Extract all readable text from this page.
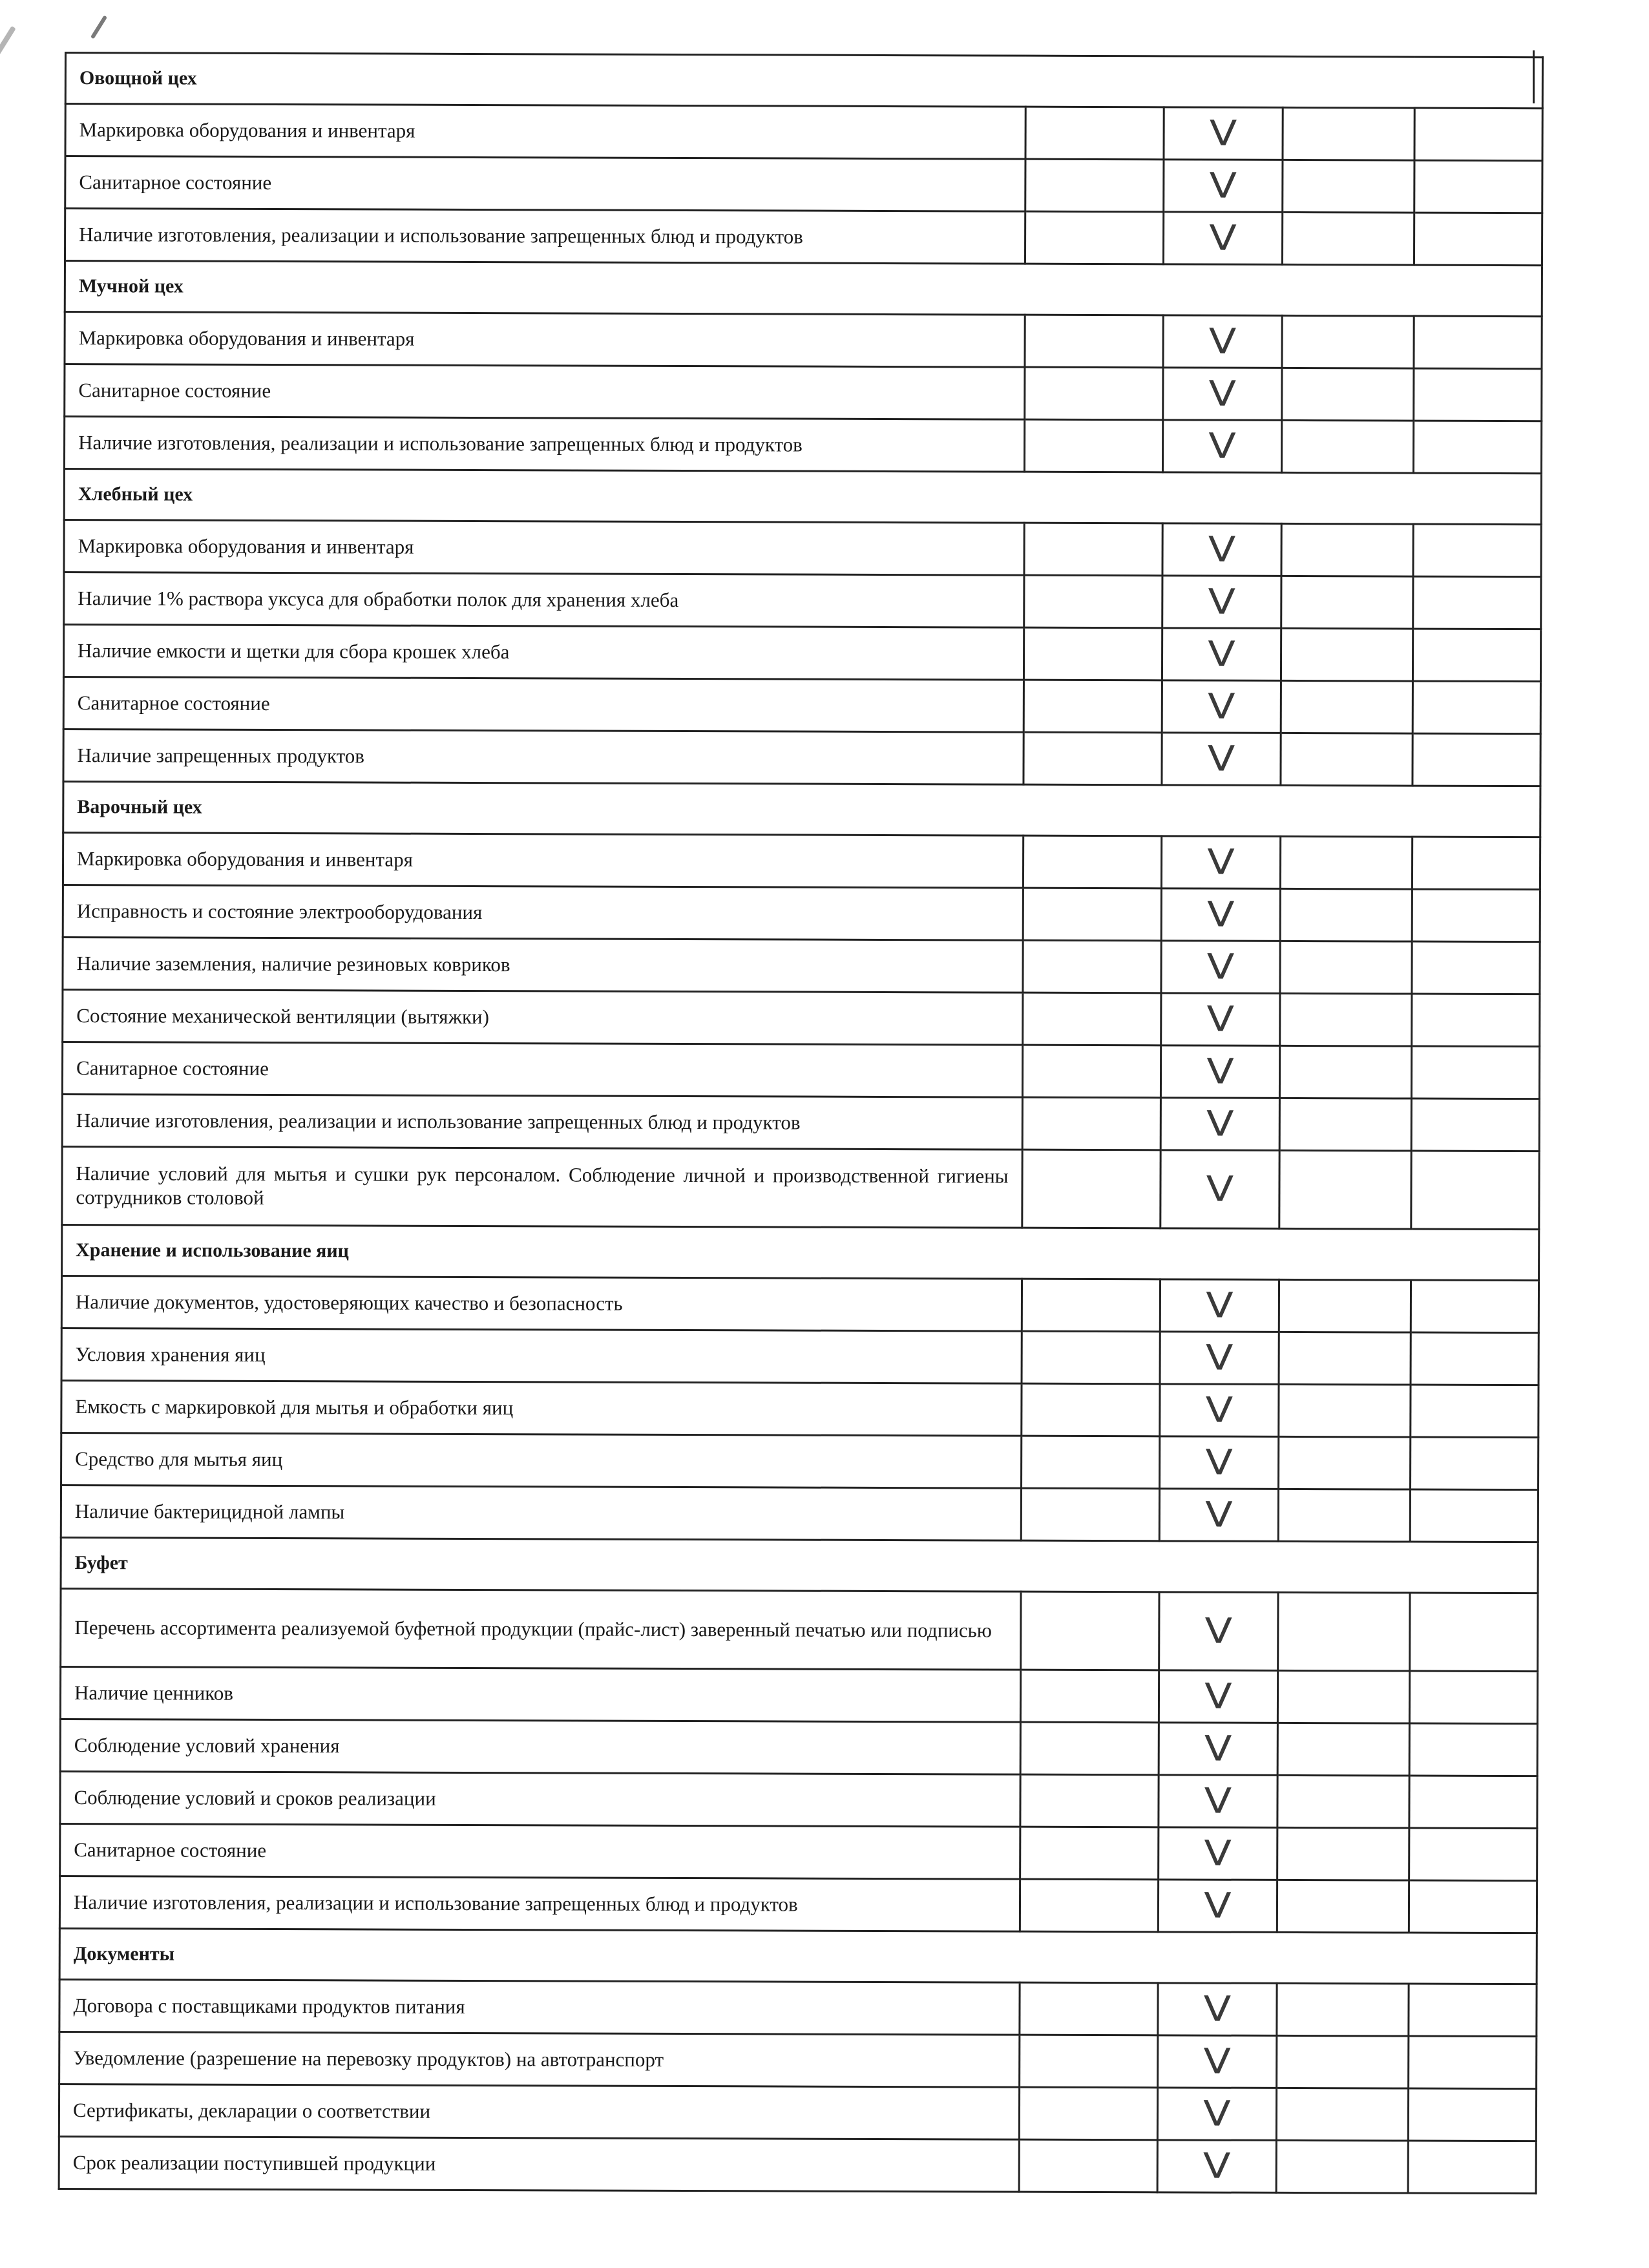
Овощной цех				
Маркировка оборудования и инвентаря		V		
Санитарное состояние		V		
Наличие изготовления, реализации и использование запрещенных блюд и продуктов		V		
Мучной цех				
Маркировка оборудования и инвентаря		V		
Санитарное состояние		V		
Наличие изготовления, реализации и использование запрещенных блюд и продуктов		V		
Хлебный цех				
Маркировка оборудования и инвентаря		V		
Наличие 1% раствора уксуса для обработки полок для хранения хлеба		V		
Наличие емкости и щетки для сбора крошек хлеба		V		
Санитарное состояние		V		
Наличие запрещенных продуктов		V		
Варочный цех				
Маркировка оборудования и инвентаря		V		
Исправность и состояние электрооборудования		V		
Наличие заземления, наличие резиновых ковриков		V		
Состояние механической вентиляции (вытяжки)		V		
Санитарное состояние		V		
Наличие изготовления, реализации и использование запрещенных блюд и продуктов		V		
Наличие условий для мытья и сушки рук персоналом. Соблюдение личной и производственной гигиены сотрудников столовой		V		
Хранение и использование яиц				
Наличие документов, удостоверяющих качество и безопасность		V		
Условия хранения яиц		V		
Емкость с маркировкой для мытья и обработки яиц		V		
Средство для мытья яиц		V		
Наличие бактерицидной лампы		V		
Буфет				
Перечень ассортимента реализуемой буфетной продукции (прайс-лист) заверенный печатью или подписью		V		
Наличие ценников		V		
Соблюдение условий хранения		V		
Соблюдение условий и сроков реализации		V		
Санитарное состояние		V		
Наличие изготовления, реализации и использование запрещенных блюд и продуктов		V		
Документы				
Договора с поставщиками продуктов питания		V		
Уведомление (разрешение на перевозку продуктов) на автотранспорт		V		
Сертификаты, декларации о соответствии		V		
Срок реализации поступившей продукции		V		
